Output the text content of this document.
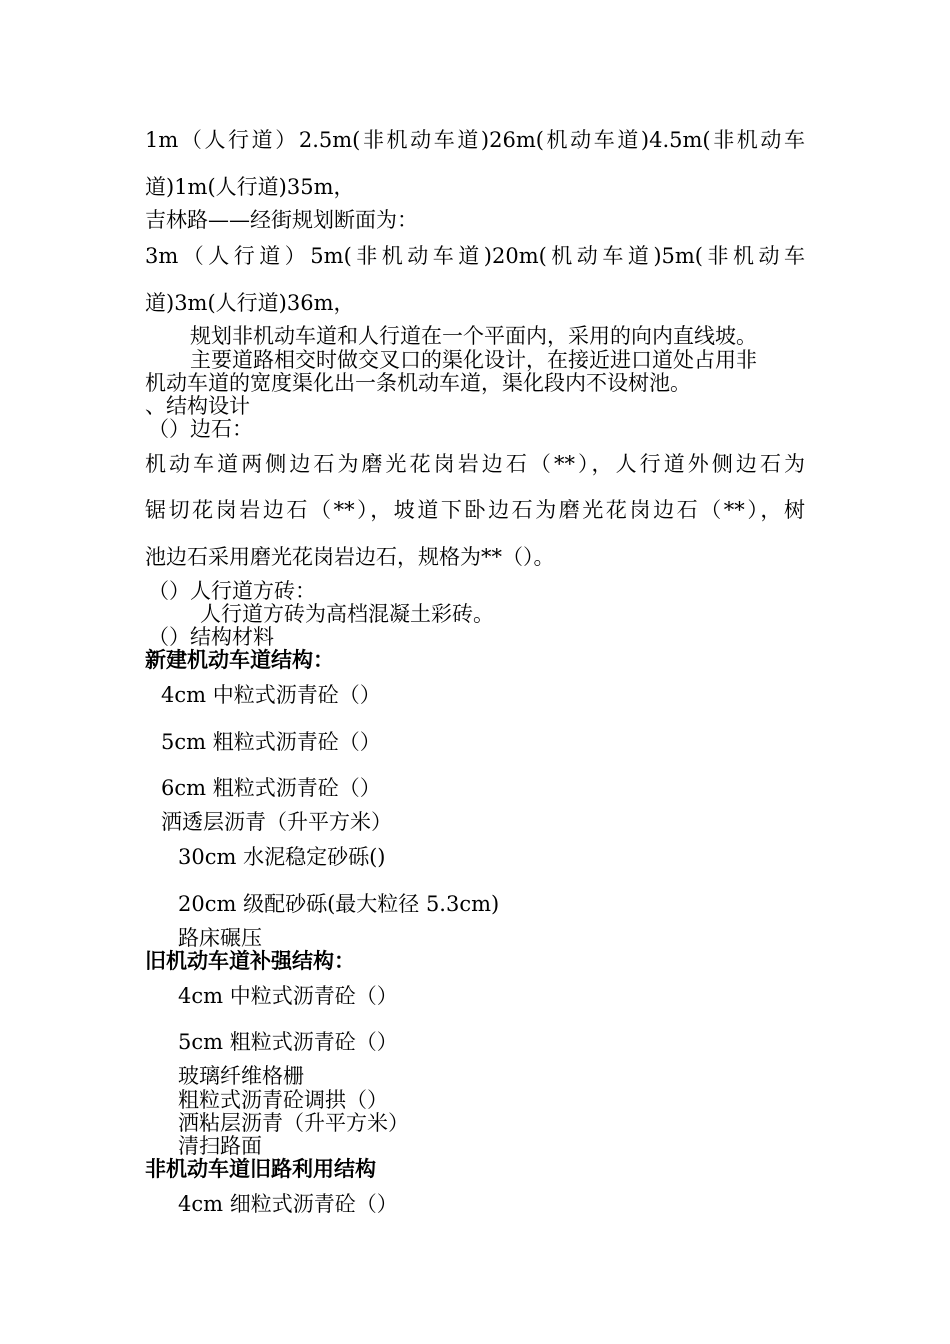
1m（人行道）2.5m(非机动车道)26m(机动车道)4.5m(非机动车
道)1m(人行道)35m，
吉林路——经街规划断面为：
3m（人行道）5m(非机动车道)20m(机动车道)5m(非机动车
道)3m(人行道)36m，
规划非机动车道和人行道在一个平面内，采用的向内直线坡。
主要道路相交时做交叉口的渠化设计，在接近进口道处占用非
机动车道的宽度渠化出一条机动车道，渠化段内不设树池。
、结构设计
（）边石：
机动车道两侧边石为磨光花岗岩边石（**），人行道外侧边石为
锯切花岗岩边石（**），坡道下卧边石为磨光花岗边石（**），树
池边石采用磨光花岗岩边石，规格为**（）。
（）人行道方砖：
人行道方砖为高档混凝土彩砖。
（）结构材料
新建机动车道结构：
4cm 中粒式沥青砼（）
5cm 粗粒式沥青砼（）
6cm 粗粒式沥青砼（）
洒透层沥青（升平方米）
30cm 水泥稳定砂砾()
20cm 级配砂砾(最大粒径 5.3cm)
路床碾压
旧机动车道补强结构：
4cm 中粒式沥青砼（）
5cm 粗粒式沥青砼（）
玻璃纤维格栅
粗粒式沥青砼调拱（）
洒粘层沥青（升平方米）
清扫路面
非机动车道旧路利用结构
4cm 细粒式沥青砼（）
